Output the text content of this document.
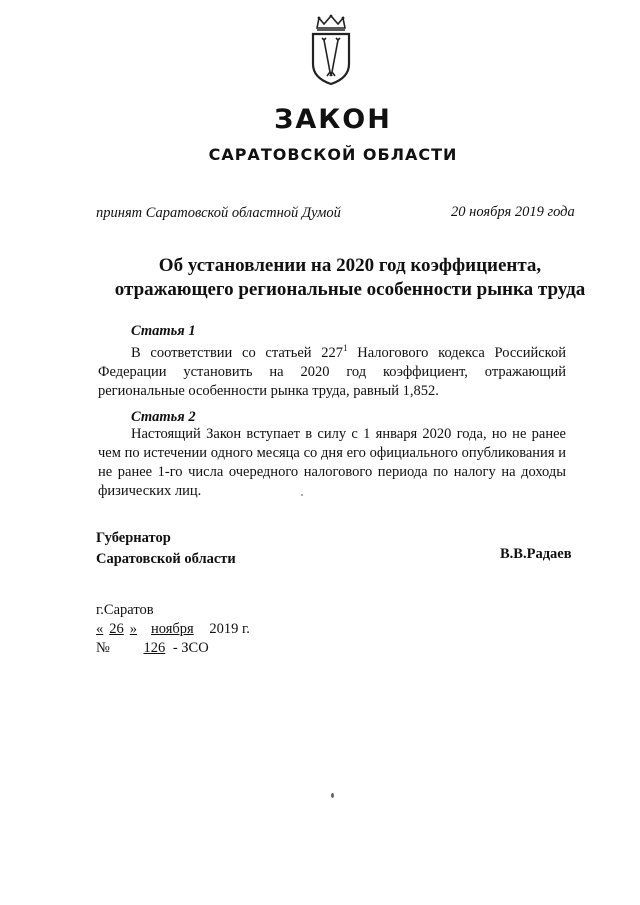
ЗАКОН
САРАТОВСКОЙ ОБЛАСТИ
принят Саратовской областной Думой	20 ноября 2019 года
Об установлении на 2020 год коэффициента,
отражающего региональные особенности рынка труда
Статья 1
В соответствии со статьей $227^1$ Налогового кодекса Российской Федерации установить на 2020 год коэффициент, отражающий региональные особенности рынка труда, равный 1,852.
Статья 2
Настоящий Закон вступает в силу с 1 января 2020 года, но не ранее чем по истечении одного месяца со дня его официального опубликования и не ранее 1-го числа очередного налогового периода по налогу на доходы физических лиц.
Губернатор
Саратовской области	В.В.Радаев
г.Саратов
« 26 » ноября 2019 г.
№ 126 - ЗСО
